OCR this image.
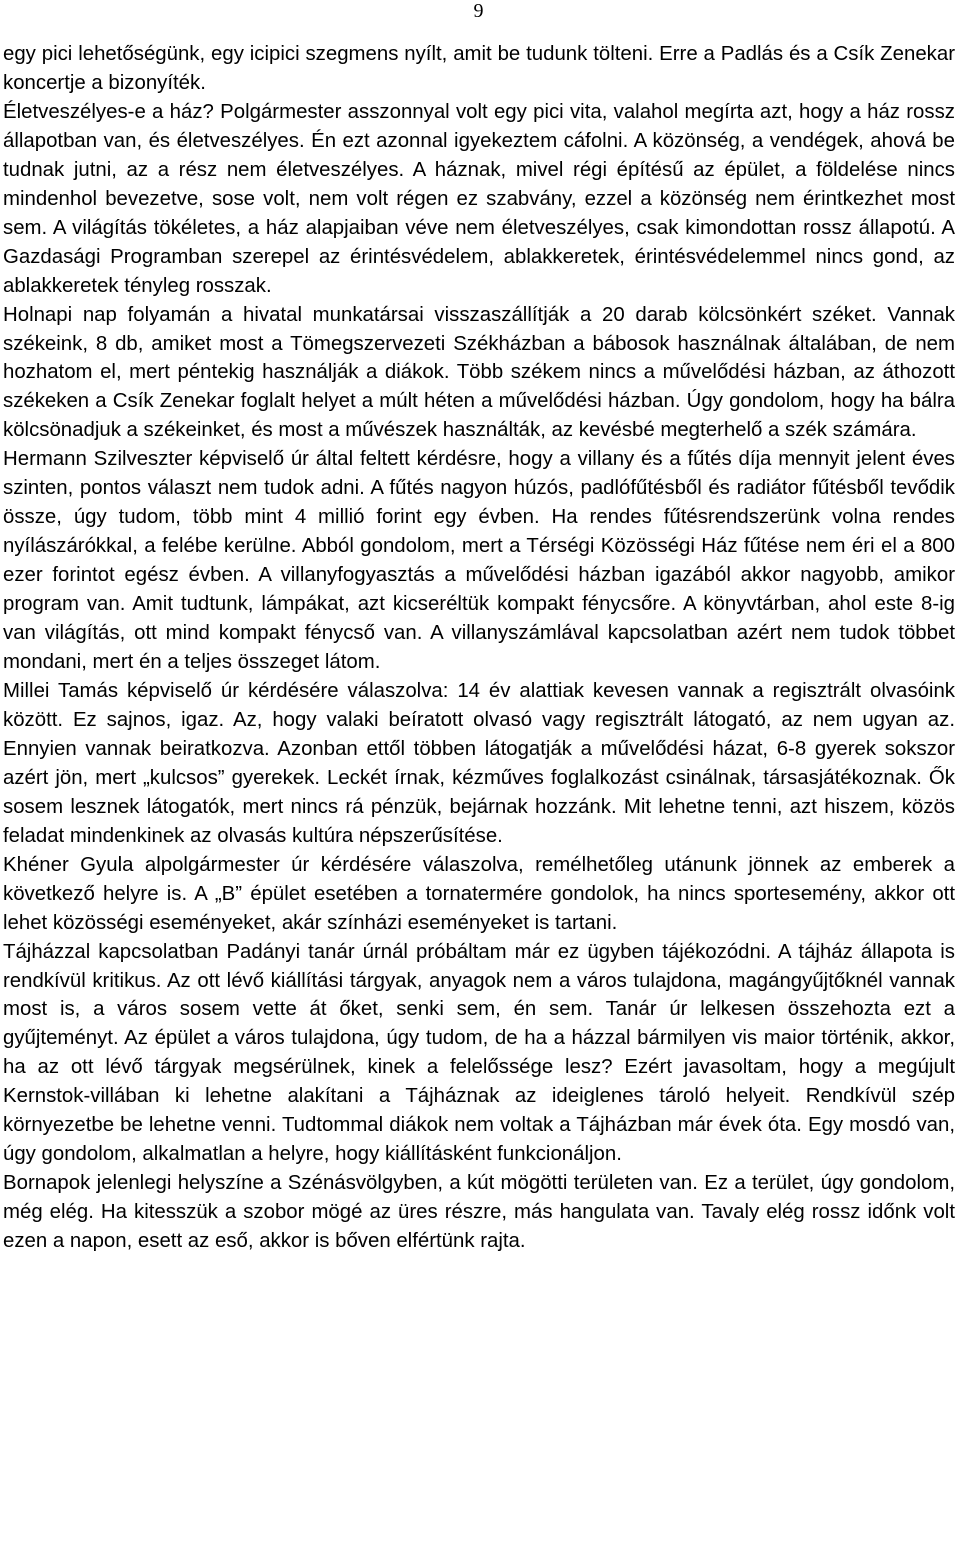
9

egy pici lehetőségünk, egy icipici szegmens nyílt, amit be tudunk tölteni. Erre a Padlás és a Csík Zenekar koncertje a bizonyíték.

Életveszélyes-e a ház? Polgármester asszonnyal volt egy pici vita, valahol megírta azt, hogy a ház rossz állapotban van, és életveszélyes. Én ezt azonnal igyekeztem cáfolni. A közönség, a vendégek, ahová be tudnak jutni, az a rész nem életveszélyes. A háznak, mivel régi építésű az épület, a földelése nincs mindenhol bevezetve, sose volt, nem volt régen ez szabvány, ezzel a közönség nem érintkezhet most sem. A világítás tökéletes, a ház alapjaiban véve nem életveszélyes, csak kimondottan rossz állapotú. A Gazdasági Programban szerepel az érintésvédelem, ablakkeretek, érintésvédelemmel nincs gond, az ablakkeretek tényleg rosszak.

Holnapi nap folyamán a hivatal munkatársai visszaszállítják a 20 darab kölcsönkért széket. Vannak székeink, 8 db, amiket most a Tömegszervezeti Székházban a bábosok használnak általában, de nem hozhatom el, mert péntekig használják a diákok. Több székem nincs a művelődési házban, az áthozott székeken a Csík Zenekar foglalt helyet a múlt héten a művelődési házban. Úgy gondolom, hogy ha bálra kölcsönadjuk a székeinket, és most a művészek használták, az kevésbé megterhelő a szék számára.

Hermann Szilveszter képviselő úr által feltett kérdésre, hogy a villany és a fűtés díja mennyit jelent éves szinten, pontos választ nem tudok adni. A fűtés nagyon húzós, padlófűtésből és radiátor fűtésből tevődik össze, úgy tudom, több mint 4 millió forint egy évben. Ha rendes fűtésrendszerünk volna rendes nyílászárókkal, a felébe kerülne. Abból gondolom, mert a Térségi Közösségi Ház fűtése nem éri el a 800 ezer forintot egész évben. A villanyfogyasztás a művelődési házban igazából akkor nagyobb, amikor program van. Amit tudtunk, lámpákat, azt kicseréltük kompakt fénycsőre. A könyvtárban, ahol este 8-ig van világítás, ott mind kompakt fénycső van. A villanyszámlával kapcsolatban azért nem tudok többet mondani, mert én a teljes összeget látom.

Millei Tamás képviselő úr kérdésére válaszolva: 14 év alattiak kevesen vannak a regisztrált olvasóink között. Ez sajnos, igaz. Az, hogy valaki beíratott olvasó vagy regisztrált látogató, az nem ugyan az. Ennyien vannak beiratkozva. Azonban ettől többen látogatják a művelődési házat, 6-8 gyerek sokszor azért jön, mert „kulcsos” gyerekek. Leckét írnak, kézműves foglalkozást csinálnak, társasjátékoznak. Ők sosem lesznek látogatók, mert nincs rá pénzük, bejárnak hozzánk. Mit lehetne tenni, azt hiszem, közös feladat mindenkinek az olvasás kultúra népszerűsítése.

Khéner Gyula alpolgármester úr kérdésére válaszolva, remélhetőleg utánunk jönnek az emberek a következő helyre is. A „B” épület esetében a tornatermére gondolok, ha nincs sportesemény, akkor ott lehet közösségi eseményeket, akár színházi eseményeket is tartani.

Tájházzal kapcsolatban Padányi tanár úrnál próbáltam már ez ügyben tájékozódni. A tájház állapota is rendkívül kritikus. Az ott lévő kiállítási tárgyak, anyagok nem a város tulajdona, magángyűjtőknél vannak most is, a város sosem vette át őket, senki sem, én sem. Tanár úr lelkesen összehozta ezt a gyűjteményt. Az épület a város tulajdona, úgy tudom, de ha a házzal bármilyen vis maior történik, akkor, ha az ott lévő tárgyak megsérülnek, kinek a felelőssége lesz? Ezért javasoltam, hogy a megújult Kernstok-villában ki lehetne alakítani a Tájháznak az ideiglenes tároló helyeit. Rendkívül szép környezetbe be lehetne venni. Tudtommal diákok nem voltak a Tájházban már évek óta. Egy mosdó van, úgy gondolom, alkalmatlan a helyre, hogy kiállításként funkcionáljon.

Bornapok jelenlegi helyszíne a Szénásvölgyben, a kút mögötti területen van. Ez a terület, úgy gondolom, még elég. Ha kitesszük a szobor mögé az üres részre, más hangulata van. Tavaly elég rossz időnk volt ezen a napon, esett az eső, akkor is bőven elfértünk rajta.
